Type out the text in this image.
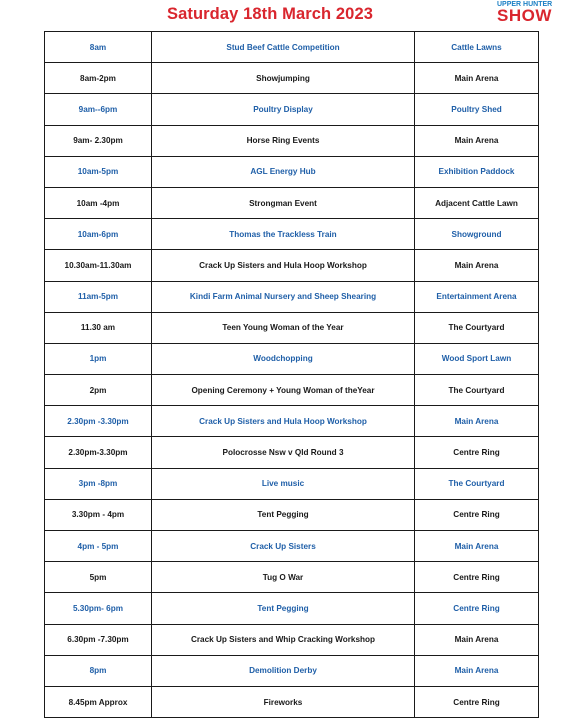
Saturday 18th March 2023
UPPER HUNTER
SHOW
8am	Stud Beef Cattle Competition	Cattle Lawns
8am-2pm	Showjumping	Main Arena
9am--6pm	Poultry Display	Poultry Shed
9am- 2.30pm	Horse Ring Events	Main Arena
10am-5pm	AGL Energy Hub	Exhibition Paddock
10am -4pm	Strongman Event	Adjacent Cattle Lawn
10am-6pm	Thomas the Trackless Train	Showground
10.30am-11.30am	Crack Up Sisters and Hula Hoop Workshop	Main Arena
11am-5pm	Kindi Farm Animal Nursery and Sheep Shearing	Entertainment Arena
11.30 am	Teen Young Woman of the Year	The Courtyard
1pm	Woodchopping	Wood Sport Lawn
2pm	Opening Ceremony + Young Woman of theYear	The Courtyard
2.30pm -3.30pm	Crack Up Sisters and Hula Hoop Workshop	Main Arena
2.30pm-3.30pm	Polocrosse Nsw v Qld Round 3	Centre Ring
3pm -8pm	Live music	The Courtyard
3.30pm - 4pm	Tent Pegging	Centre Ring
4pm - 5pm	Crack Up Sisters	Main Arena
5pm	Tug O War	Centre Ring
5.30pm- 6pm	Tent Pegging	Centre Ring
6.30pm -7.30pm	Crack Up Sisters and Whip Cracking Workshop	Main Arena
8pm	Demolition Derby	Main Arena
8.45pm Approx	Fireworks	Centre Ring
